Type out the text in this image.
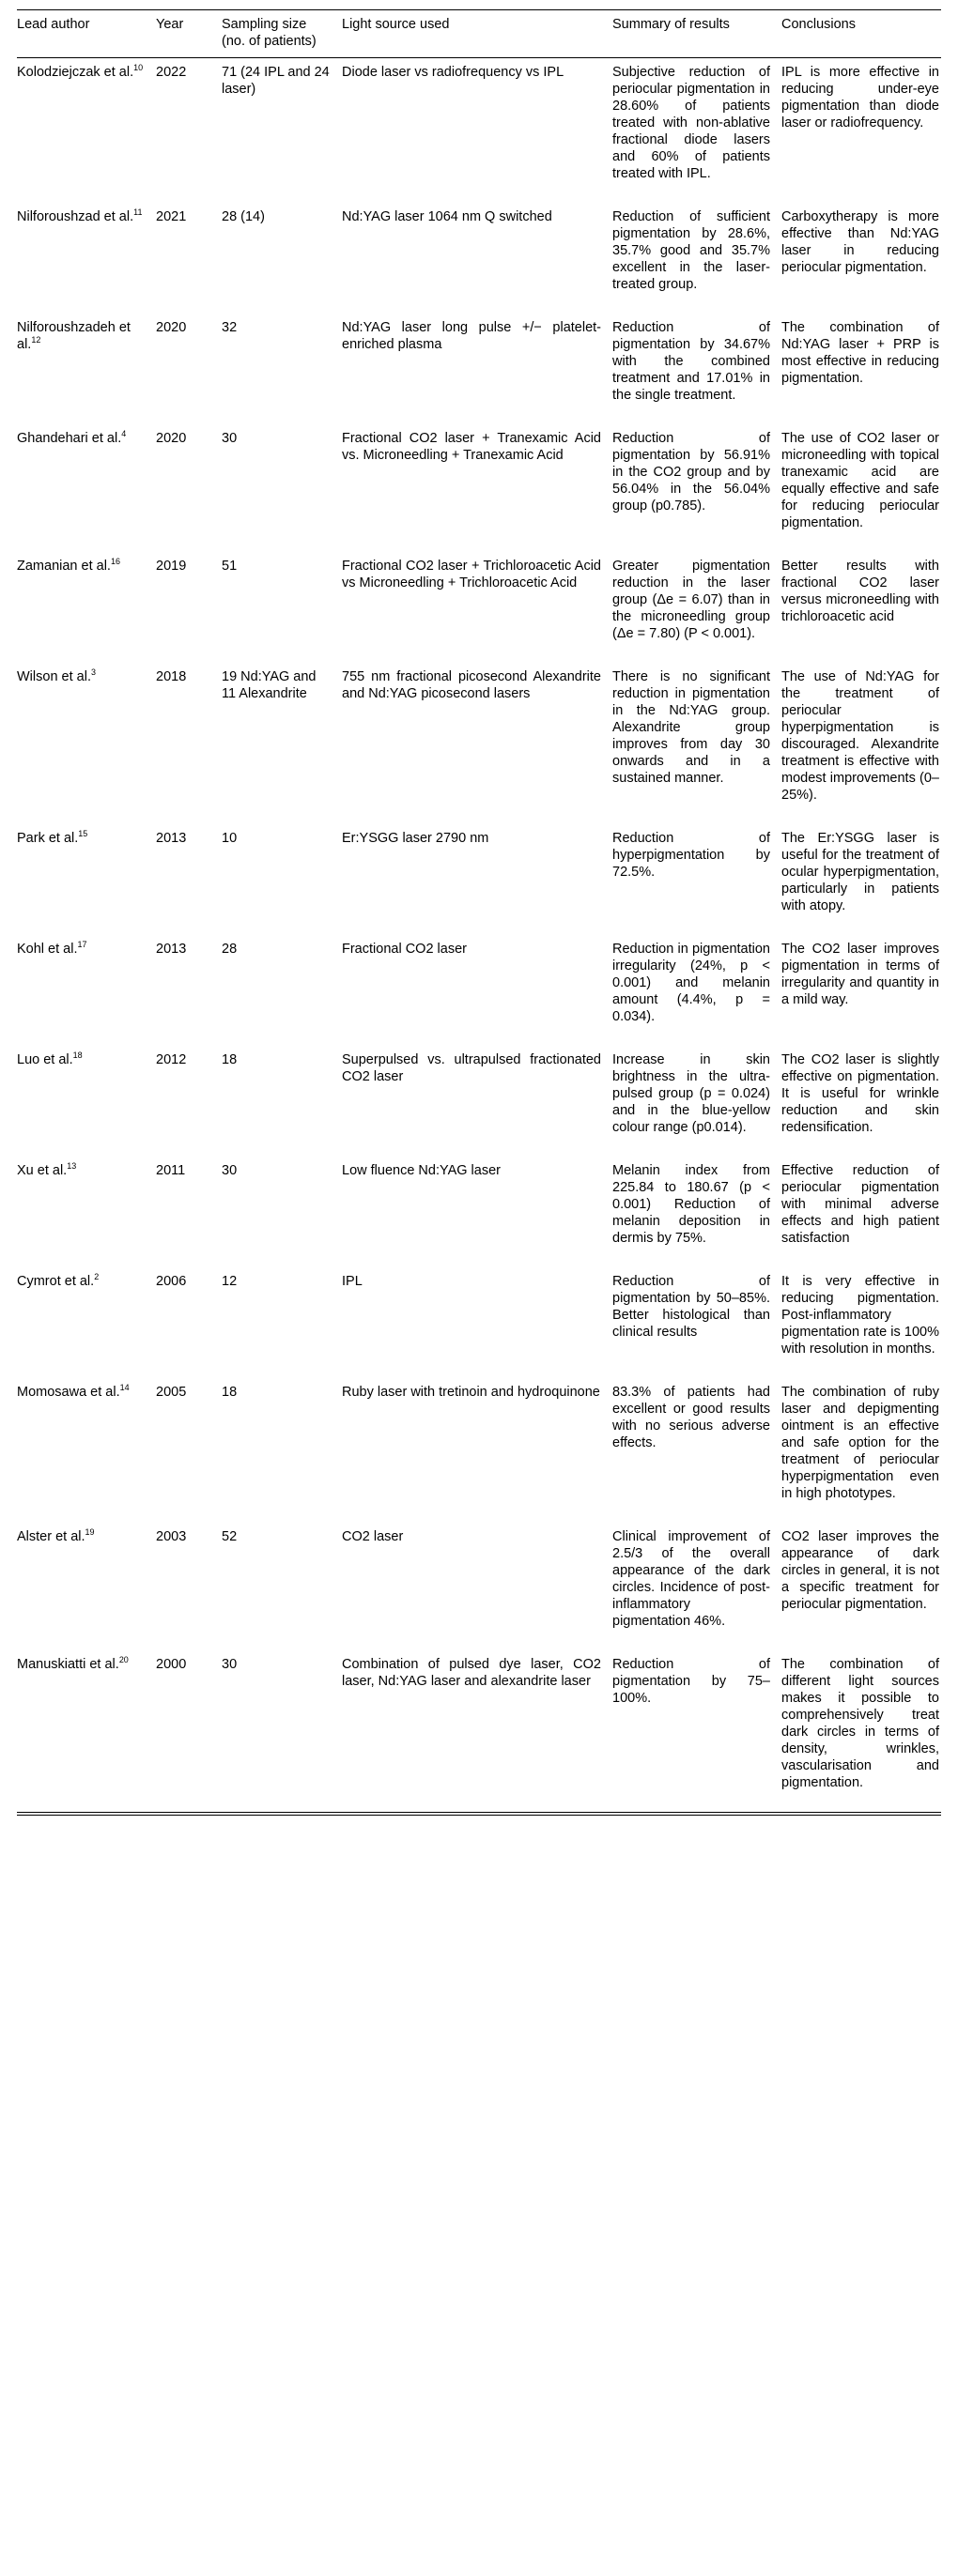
Lead author	Year	Sampling size (no. of patients)	Light source used	Summary of results	Conclusions
Kolodziejczak et al.$^{10}$	2022	71 (24 IPL and 24 laser)	Diode laser vs radiofrequency vs IPL	Subjective reduction of periocular pigmentation in 28.60% of patients treated with non-ablative fractional diode lasers and 60% of patients treated with IPL.	IPL is more effective in reducing under-eye pigmentation than diode laser or radiofrequency.
Nilforoushzad et al.$^{11}$	2021	28 (14)	Nd:YAG laser 1064 nm Q switched	Reduction of sufficient pigmentation by 28.6%, 35.7% good and 35.7% excellent in the laser-treated group.	Carboxytherapy is more effective than Nd:YAG laser in reducing periocular pigmentation.
Nilforoushzadeh et al.$^{12}$	2020	32	Nd:YAG laser long pulse +/− platelet-enriched plasma	Reduction of pigmentation by 34.67% with the combined treatment and 17.01% in the single treatment.	The combination of Nd:YAG laser + PRP is most effective in reducing pigmentation.
Ghandehari et al.$^4$	2020	30	Fractional CO2 laser + Tranexamic Acid vs. Microneedling + Tranexamic Acid	Reduction of pigmentation by 56.91% in the CO2 group and by 56.04% in the 56.04% group (p0.785).	The use of CO2 laser or microneedling with topical tranexamic acid are equally effective and safe for reducing periocular pigmentation.
Zamanian et al.$^{16}$	2019	51	Fractional CO2 laser + Trichloroacetic Acid vs Microneedling + Trichloroacetic Acid	Greater pigmentation reduction in the laser group (Δe = 6.07) than in the microneedling group (Δe = 7.80) (P < 0.001).	Better results with fractional CO2 laser versus microneedling with trichloroacetic acid
Wilson et al.$^3$	2018	19 Nd:YAG and 11 Alexandrite	755 nm fractional picosecond Alexandrite and Nd:YAG picosecond lasers	There is no significant reduction in pigmentation in the Nd:YAG group. Alexandrite group improves from day 30 onwards and in a sustained manner.	The use of Nd:YAG for the treatment of periocular hyperpigmentation is discouraged. Alexandrite treatment is effective with modest improvements (0–25%).
Park et al.$^{15}$	2013	10	Er:YSGG laser 2790 nm	Reduction of hyperpigmentation by 72.5%.	The Er:YSGG laser is useful for the treatment of ocular hyperpigmentation, particularly in patients with atopy.
Kohl et al.$^{17}$	2013	28	Fractional CO2 laser	Reduction in pigmentation irregularity (24%, p < 0.001) and melanin amount (4.4%, p = 0.034).	The CO2 laser improves pigmentation in terms of irregularity and quantity in a mild way.
Luo et al.$^{18}$	2012	18	Superpulsed vs. ultrapulsed fractionated CO2 laser	Increase in skin brightness in the ultra-pulsed group (p = 0.024) and in the blue-yellow colour range (p0.014).	The CO2 laser is slightly effective on pigmentation. It is useful for wrinkle reduction and skin redensification.
Xu et al.$^{13}$	2011	30	Low fluence Nd:YAG laser	Melanin index from 225.84 to 180.67 (p < 0.001) Reduction of melanin deposition in dermis by 75%.	Effective reduction of periocular pigmentation with minimal adverse effects and high patient satisfaction
Cymrot et al.$^2$	2006	12	IPL	Reduction of pigmentation by 50–85%. Better histological than clinical results	It is very effective in reducing pigmentation. Post-inflammatory pigmentation rate is 100% with resolution in months.
Momosawa et al.$^{14}$	2005	18	Ruby laser with tretinoin and hydroquinone	83.3% of patients had excellent or good results with no serious adverse effects.	The combination of ruby laser and depigmenting ointment is an effective and safe option for the treatment of periocular hyperpigmentation even in high phototypes.
Alster et al.$^{19}$	2003	52	CO2 laser	Clinical improvement of 2.5/3 of the overall appearance of the dark circles. Incidence of post-inflammatory pigmentation 46%.	CO2 laser improves the appearance of dark circles in general, it is not a specific treatment for periocular pigmentation.
Manuskiatti et al.$^{20}$	2000	30	Combination of pulsed dye laser, CO2 laser, Nd:YAG laser and alexandrite laser	Reduction of pigmentation by 75–100%.	The combination of different light sources makes it possible to comprehensively treat dark circles in terms of density, wrinkles, vascularisation and pigmentation.
